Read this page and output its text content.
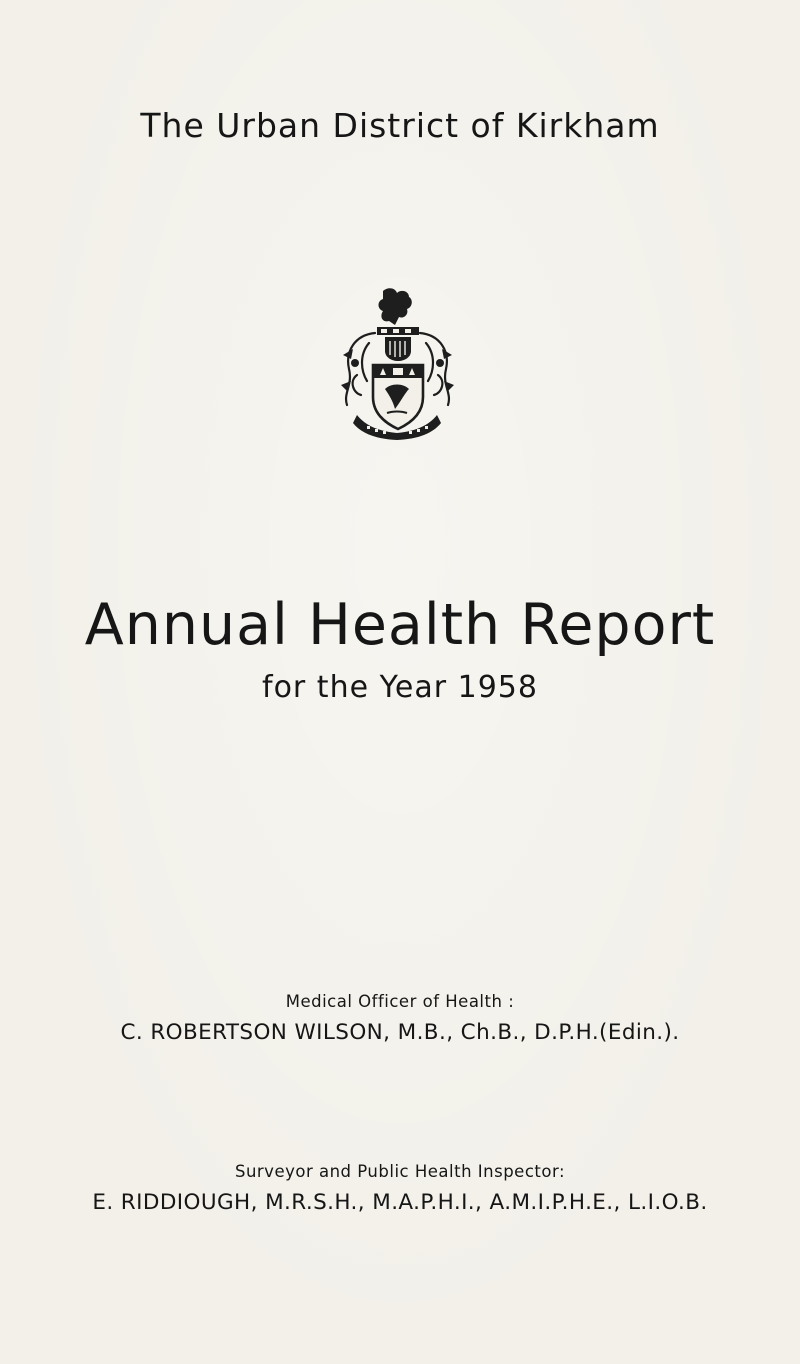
The Urban District of Kirkham
Annual Health Report
for the Year 1958
Medical Officer of Health :
C. ROBERTSON WILSON, M.B., Ch.B., D.P.H.(Edin.).
Surveyor and Public Health Inspector:
E. RIDDIOUGH, M.R.S.H., M.A.P.H.I., A.M.I.P.H.E., L.I.O.B.
